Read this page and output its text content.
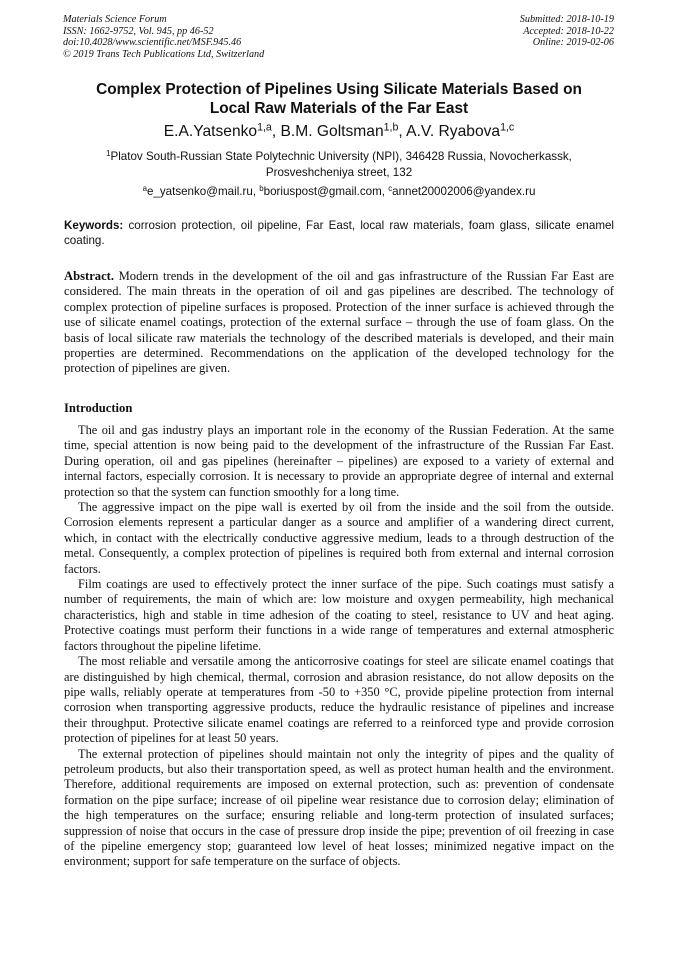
Materials Science Forum
ISSN: 1662-9752, Vol. 945, pp 46-52
doi:10.4028/www.scientific.net/MSF.945.46
© 2019 Trans Tech Publications Ltd, Switzerland
Submitted: 2018-10-19
Accepted: 2018-10-22
Online: 2019-02-06
Complex Protection of Pipelines Using Silicate Materials Based on
Local Raw Materials of the Far East
E.A.Yatsenko$^{1,a}$, B.M. Goltsman$^{1,b}$, A.V. Ryabova$^{1,c}$
$^1$Platov South-Russian State Polytechnic University (NPI), 346428 Russia, Novocherkassk,
Prosveshcheniya street, 132
$^a$e_yatsenko@mail.ru, $^b$boriuspost@gmail.com, $^c$annet20002006@yandex.ru
Keywords: corrosion protection, oil pipeline, Far East, local raw materials, foam glass, silicate enamel coating.
Abstract. Modern trends in the development of the oil and gas infrastructure of the Russian Far East are considered. The main threats in the operation of oil and gas pipelines are described. The technology of complex protection of pipeline surfaces is proposed. Protection of the inner surface is achieved through the use of silicate enamel coatings, protection of the external surface – through the use of foam glass. On the basis of local silicate raw materials the technology of the described materials is developed, and their main properties are determined. Recommendations on the application of the developed technology for the protection of pipelines are given.
Introduction

The oil and gas industry plays an important role in the economy of the Russian Federation. At the same time, special attention is now being paid to the development of the infrastructure of the Russian Far East. During operation, oil and gas pipelines (hereinafter – pipelines) are exposed to a variety of external and internal factors, especially corrosion. It is necessary to provide an appropriate degree of internal and external protection so that the system can function smoothly for a long time.

The aggressive impact on the pipe wall is exerted by oil from the inside and the soil from the outside. Corrosion elements represent a particular danger as a source and amplifier of a wandering direct current, which, in contact with the electrically conductive aggressive medium, leads to a through destruction of the metal. Consequently, a complex protection of pipelines is required both from external and internal corrosion factors.

Film coatings are used to effectively protect the inner surface of the pipe. Such coatings must satisfy a number of requirements, the main of which are: low moisture and oxygen permeability, high mechanical characteristics, high and stable in time adhesion of the coating to steel, resistance to UV and heat aging. Protective coatings must perform their functions in a wide range of temperatures and external atmospheric factors throughout the pipeline lifetime.

The most reliable and versatile among the anticorrosive coatings for steel are silicate enamel coatings that are distinguished by high chemical, thermal, corrosion and abrasion resistance, do not allow deposits on the pipe walls, reliably operate at temperatures from -50 to +350 °C, provide pipeline protection from internal corrosion when transporting aggressive products, reduce the hydraulic resistance of pipelines and increase their throughput. Protective silicate enamel coatings are referred to a reinforced type and provide corrosion protection of pipelines for at least 50 years.

The external protection of pipelines should maintain not only the integrity of pipes and the quality of petroleum products, but also their transportation speed, as well as protect human health and the environment. Therefore, additional requirements are imposed on external protection, such as: prevention of condensate formation on the pipe surface; increase of oil pipeline wear resistance due to corrosion delay; elimination of the high temperatures on the surface; ensuring reliable and long-term protection of insulated surfaces; suppression of noise that occurs in the case of pressure drop inside the pipe; prevention of oil freezing in case of the pipeline emergency stop; guaranteed low level of heat losses; minimized negative impact on the environment; support for safe temperature on the surface of objects.
